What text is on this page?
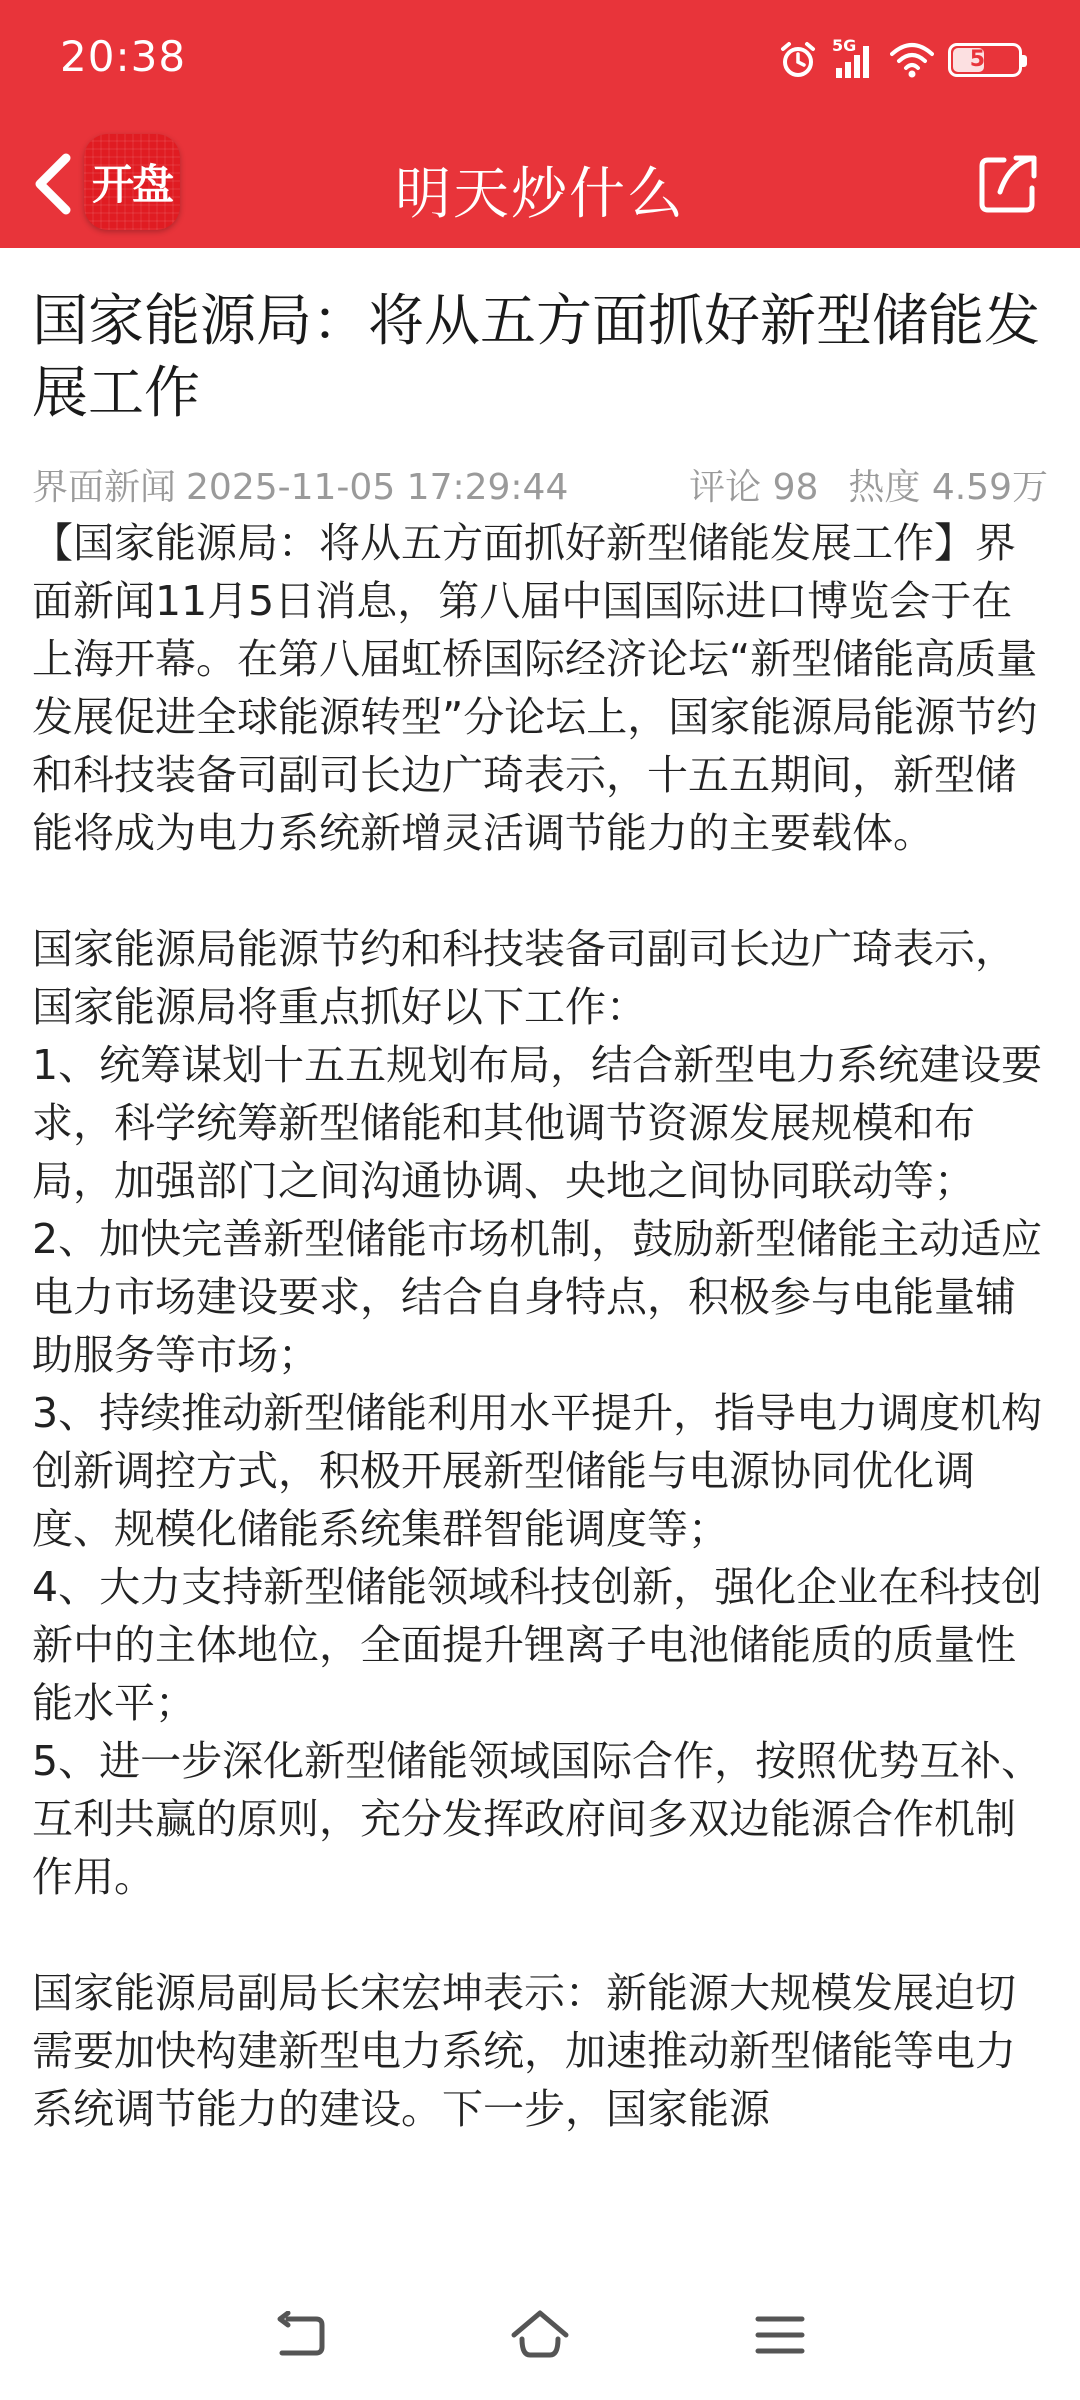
20:38	5G
51
开盘	明天炒什么
国家能源局：将从五方面抓好新型储能发展工作
界面新闻 2025-11-05 17:29:44	评论 98 热度 4.59万

【国家能源局：将从五方面抓好新型储能发展工作】界面新闻11月5日消息，第八届中国国际进口博览会于在上海开幕。在第八届虹桥国际经济论坛“新型储能高质量发展促进全球能源转型”分论坛上，国家能源局能源节约和科技装备司副司长边广琦表示，十五五期间，新型储能将成为电力系统新增灵活调节能力的主要载体。

国家能源局能源节约和科技装备司副司长边广琦表示，国家能源局将重点抓好以下工作：

1、统筹谋划十五五规划布局，结合新型电力系统建设要求，科学统筹新型储能和其他调节资源发展规模和布局，加强部门之间沟通协调、央地之间协同联动等；

2、加快完善新型储能市场机制，鼓励新型储能主动适应电力市场建设要求，结合自身特点，积极参与电能量辅助服务等市场；

3、持续推动新型储能利用水平提升，指导电力调度机构创新调控方式，积极开展新型储能与电源协同优化调度、规模化储能系统集群智能调度等；

4、大力支持新型储能领域科技创新，强化企业在科技创新中的主体地位，全面提升锂离子电池储能质的质量性能水平；

5、进一步深化新型储能领域国际合作，按照优势互补、互利共赢的原则，充分发挥政府间多双边能源合作机制作用。

国家能源局副局长宋宏坤表示：新能源大规模发展迫切需要加快构建新型电力系统，加速推动新型储能等电力系统调节能力的建设。下一步，国家能源
